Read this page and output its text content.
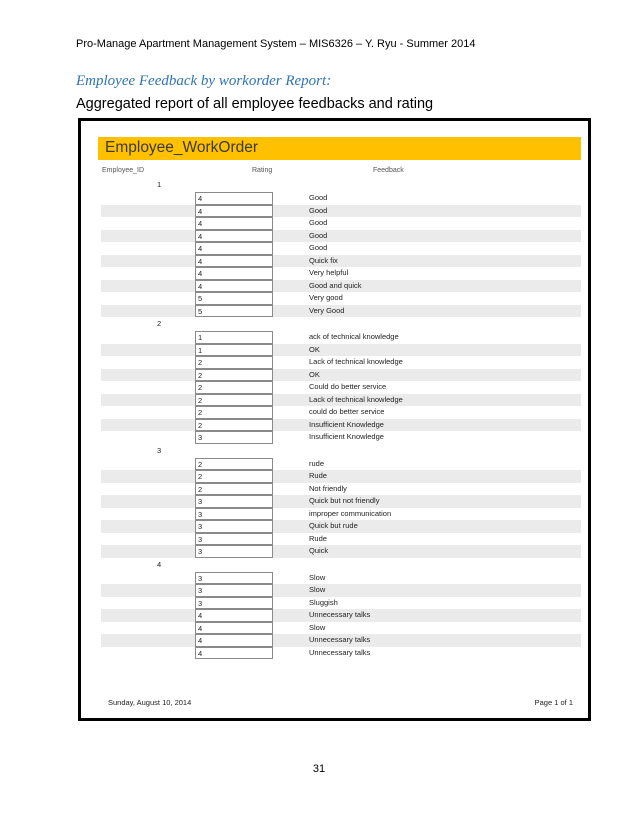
Pro-Manage Apartment Management System – MIS6326 – Y. Ryu - Summer 2014
Employee Feedback by workorder Report:
Aggregated report of all employee feedbacks and rating
Employee_WorkOrder
Employee_ID	Rating	Feedback
1
4	Good
4	Good
4	Good
4	Good
4	Good
4	Quick fix
4	Very helpful
4	Good and quick
5	Very good
5	Very Good
2
1	ack of technical knowledge
1	OK
2	Lack of technical knowledge
2	OK
2	Could do better service
2	Lack of technical knowledge
2	could do better service
2	Insufficient Knowledge
3	Insufficient Knowledge
3
2	rude
2	Rude
2	Not friendly
3	Quick but not friendly
3	improper communication
3	Quick but rude
3	Rude
3	Quick
4
3	Slow
3	Slow
3	Sluggish
4	Unnecessary talks
4	Slow
4	Unnecessary talks
4	Unnecessary talks
Sunday, August 10, 2014	Page 1 of 1
31
